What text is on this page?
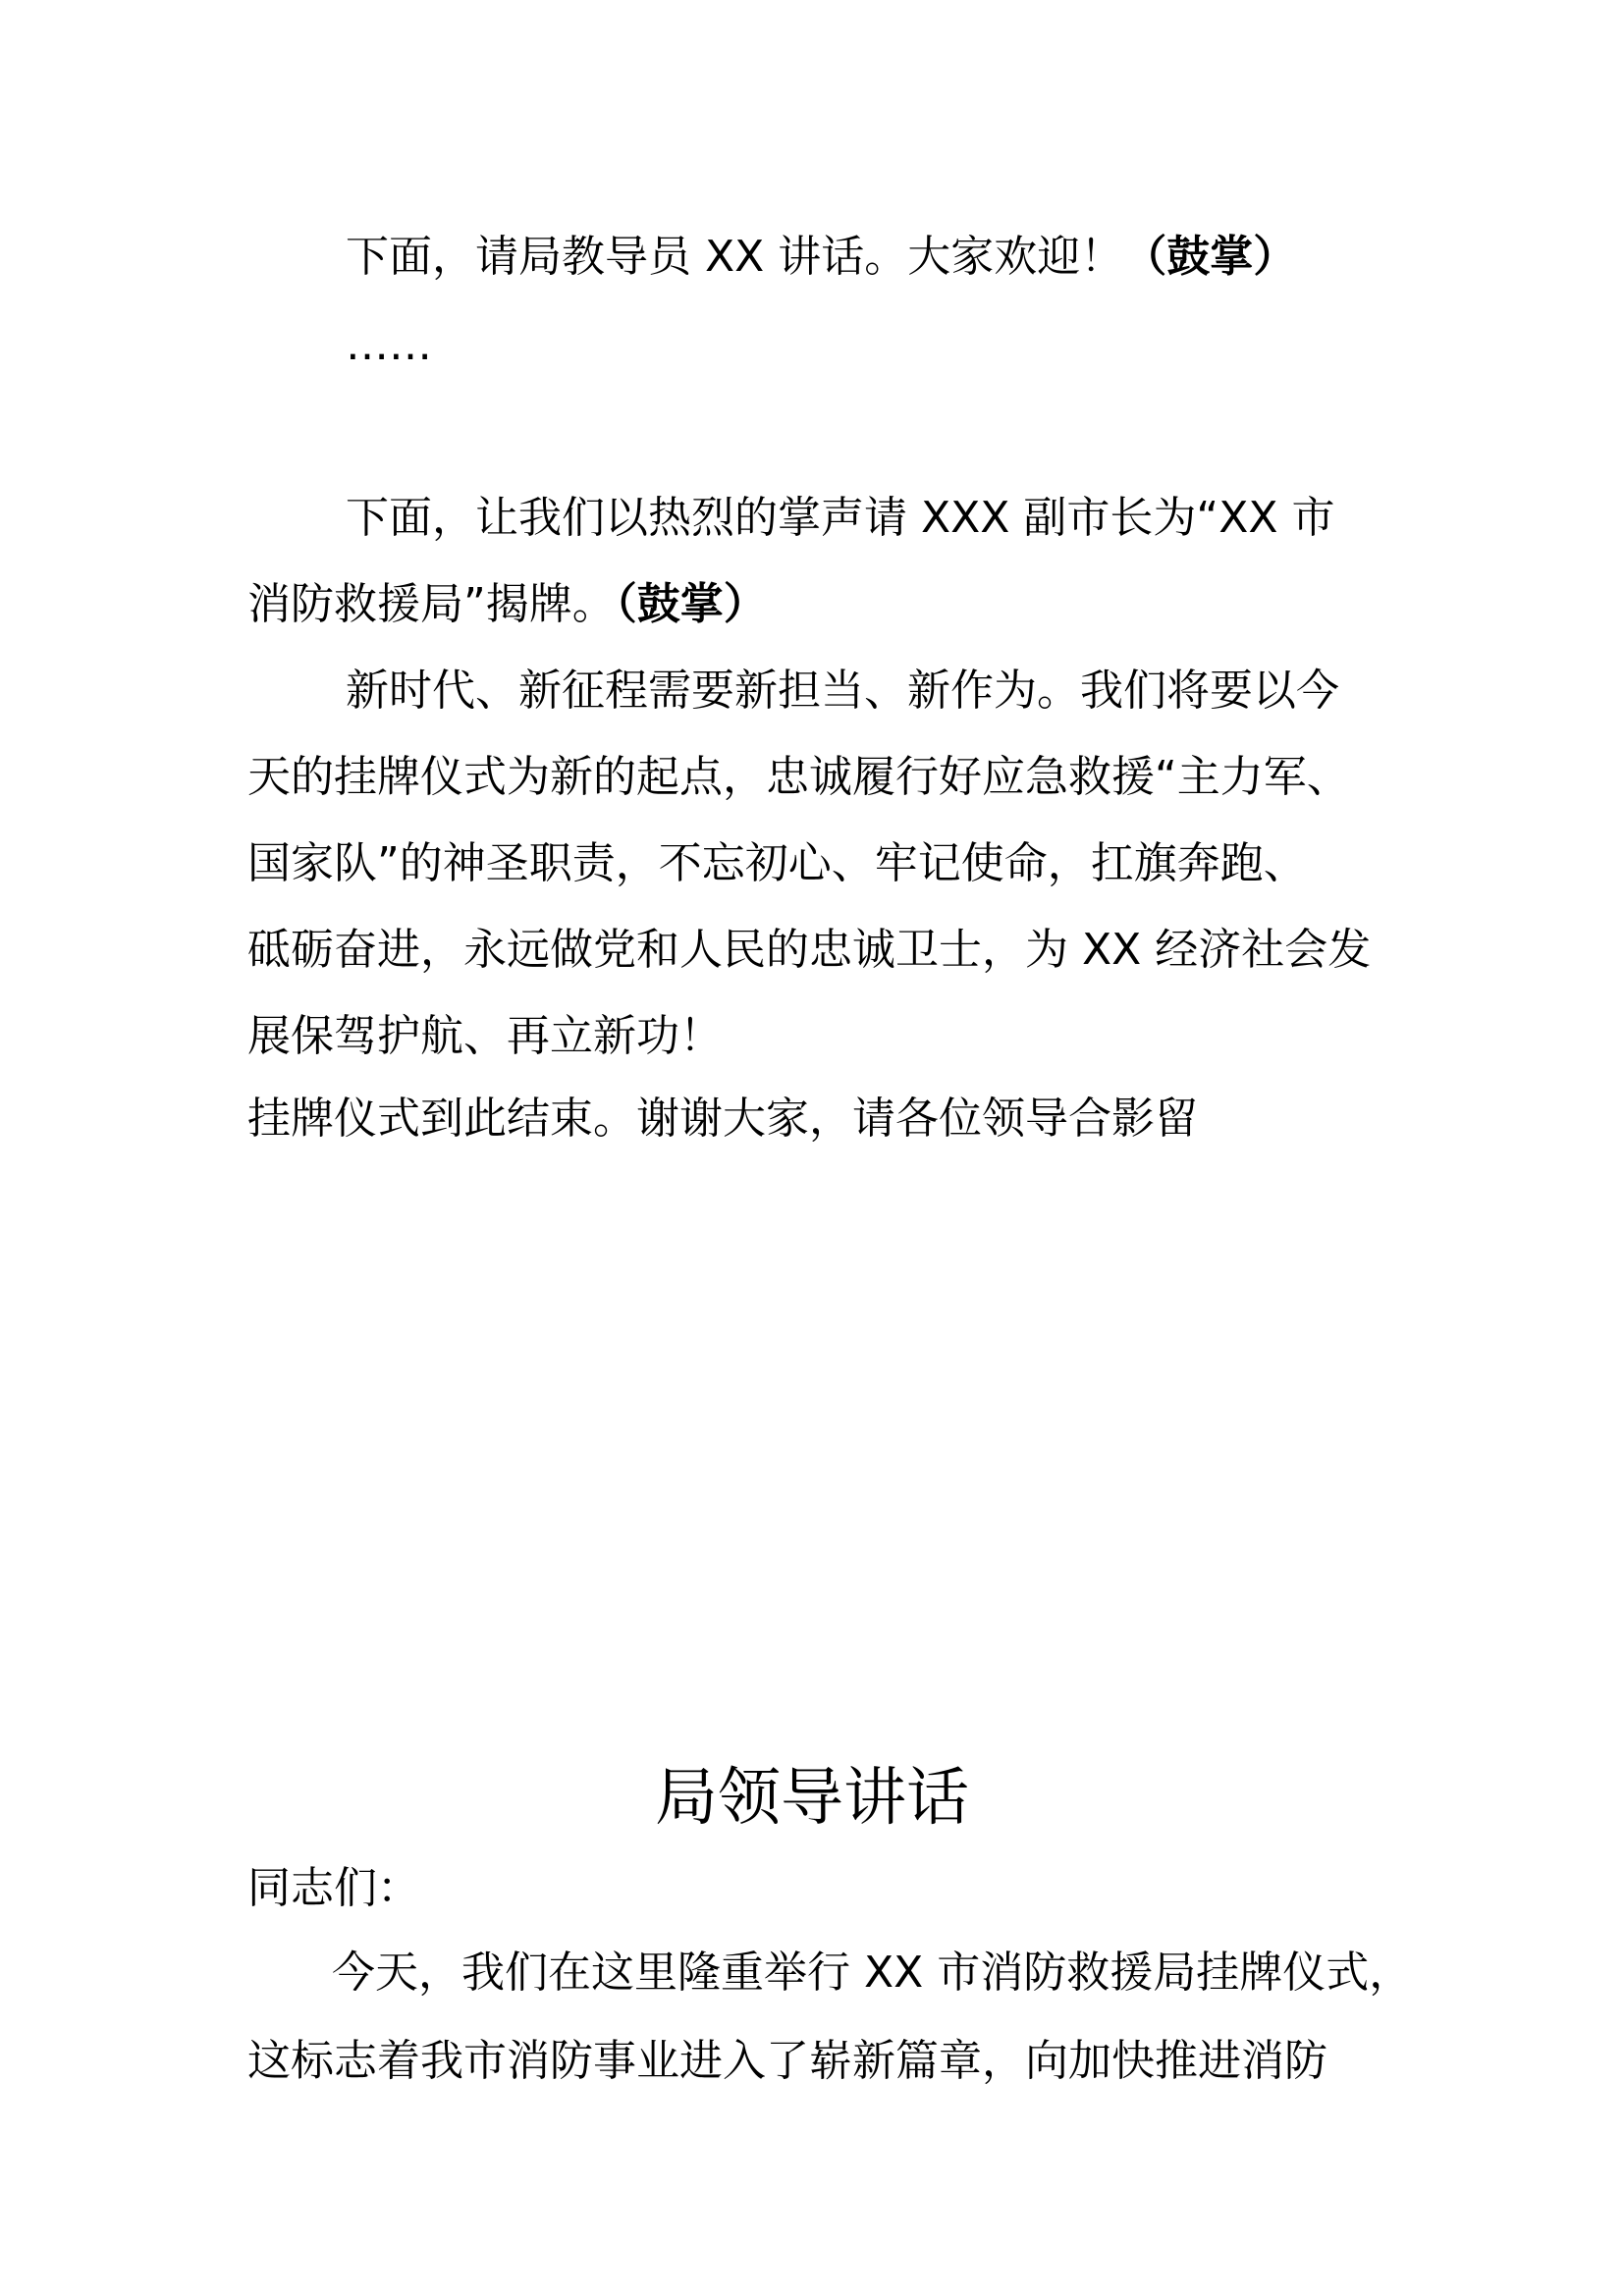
下面，请局教导员 XX 讲话。大家欢迎！（鼓掌）
……
下面，让我们以热烈的掌声请 XXX 副市长为“XX 市
消防救援局”揭牌。（鼓掌）
新时代、新征程需要新担当、新作为。我们将要以今
天的挂牌仪式为新的起点，忠诚履行好应急救援“主力军、
国家队”的神圣职责，不忘初心、牢记使命，扛旗奔跑、
砥砺奋进，永远做党和人民的忠诚卫士，为 XX 经济社会发
展保驾护航、再立新功！
挂牌仪式到此结束。谢谢大家，请各位领导合影留
局领导讲话
同志们：
今天，我们在这里隆重举行 XX 市消防救援局挂牌仪式，
这标志着我市消防事业进入了崭新篇章，向加快推进消防
